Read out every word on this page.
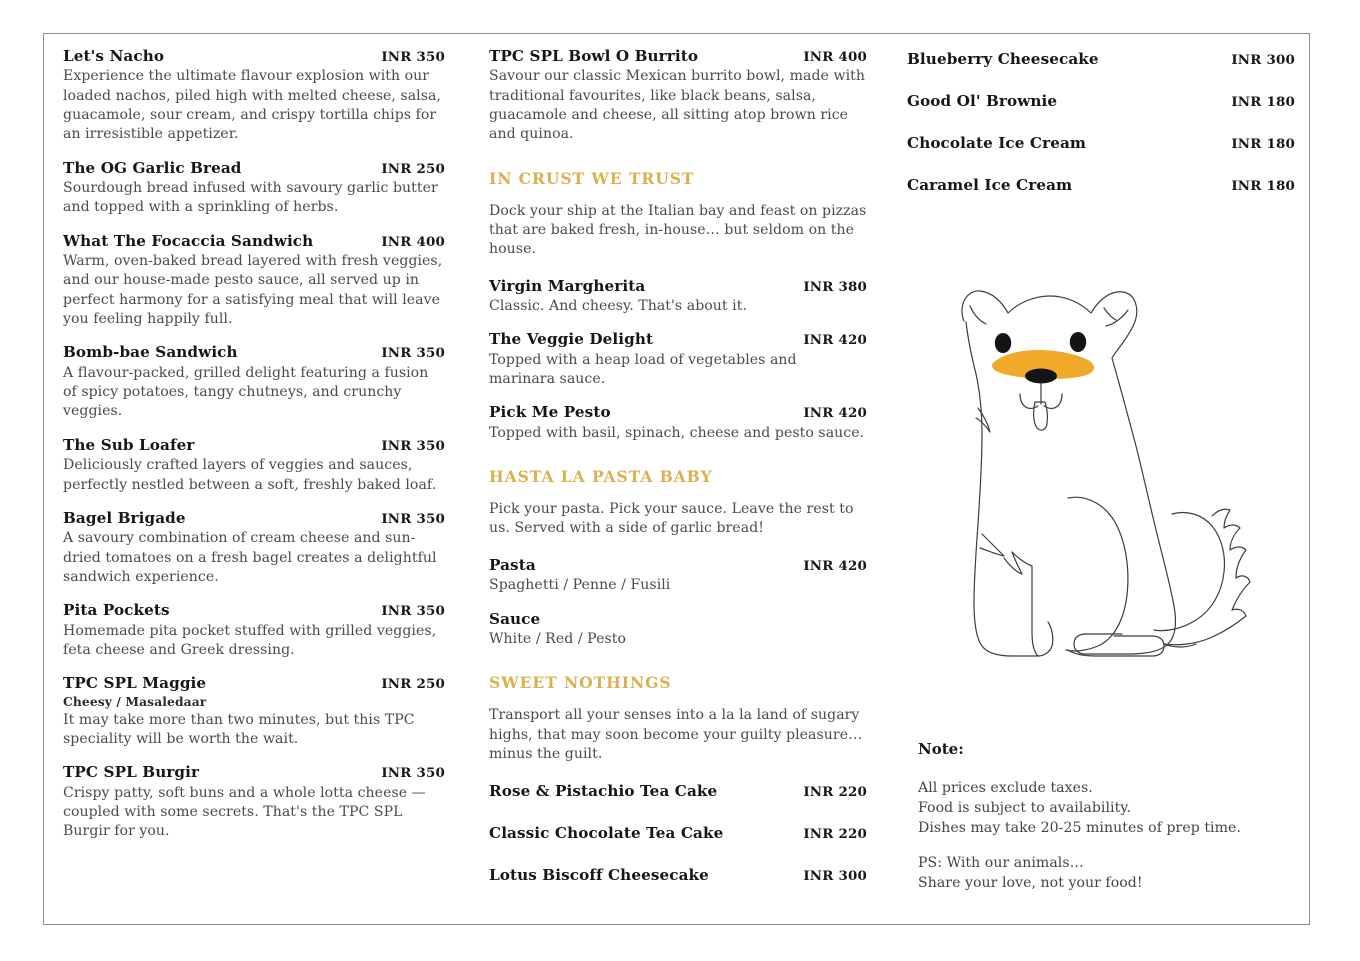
Let's Nacho	INR 350
Experience the ultimate flavour explosion with our loaded nachos, piled high with melted cheese, salsa, guacamole, sour cream, and crispy tortilla chips for an irresistible appetizer.
The OG Garlic Bread	INR 250
Sourdough bread infused with savoury garlic butter and topped with a sprinkling of herbs.
What The Focaccia Sandwich	INR 400
Warm, oven-baked bread layered with fresh veggies, and our house-made pesto sauce, all served up in perfect harmony for a satisfying meal that will leave you feeling happily full.
Bomb-bae Sandwich	INR 350
A flavour-packed, grilled delight featuring a fusion of spicy potatoes, tangy chutneys, and crunchy veggies.
The Sub Loafer	INR 350
Deliciously crafted layers of veggies and sauces, perfectly nestled between a soft, freshly baked loaf.
Bagel Brigade	INR 350
A savoury combination of cream cheese and sun-dried tomatoes on a fresh bagel creates a delightful sandwich experience.
Pita Pockets	INR 350
Homemade pita pocket stuffed with grilled veggies, feta cheese and Greek dressing.
TPC SPL Maggie	INR 250
Cheesy / Masaledaar
It may take more than two minutes, but this TPC speciality will be worth the wait.
TPC SPL Burgir	INR 350
Crispy patty, soft buns and a whole lotta cheese — coupled with some secrets. That's the TPC SPL Burgir for you.
TPC SPL Bowl O Burrito	INR 400
Savour our classic Mexican burrito bowl, made with traditional favourites, like black beans, salsa, guacamole and cheese, all sitting atop brown rice and quinoa.
IN CRUST WE TRUST
Dock your ship at the Italian bay and feast on pizzas that are baked fresh, in-house… but seldom on the house.
Virgin Margherita	INR 380
Classic. And cheesy. That's about it.
The Veggie Delight	INR 420
Topped with a heap load of vegetables and marinara sauce.
Pick Me Pesto	INR 420
Topped with basil, spinach, cheese and pesto sauce.
HASTA LA PASTA BABY
Pick your pasta. Pick your sauce. Leave the rest to us. Served with a side of garlic bread!
Pasta	INR 420
Spaghetti / Penne / Fusili
Sauce
White / Red / Pesto
SWEET NOTHINGS
Transport all your senses into a la la land of sugary highs, that may soon become your guilty pleasure… minus the guilt.
Rose & Pistachio Tea Cake	INR 220
Classic Chocolate Tea Cake	INR 220
Lotus Biscoff Cheesecake	INR 300
Blueberry Cheesecake	INR 300
Good Ol' Brownie	INR 180
Chocolate Ice Cream	INR 180
Caramel Ice Cream	INR 180
Note:
All prices exclude taxes.
Food is subject to availability.
Dishes may take 20-25 minutes of prep time.
PS: With our animals…
Share your love, not your food!
